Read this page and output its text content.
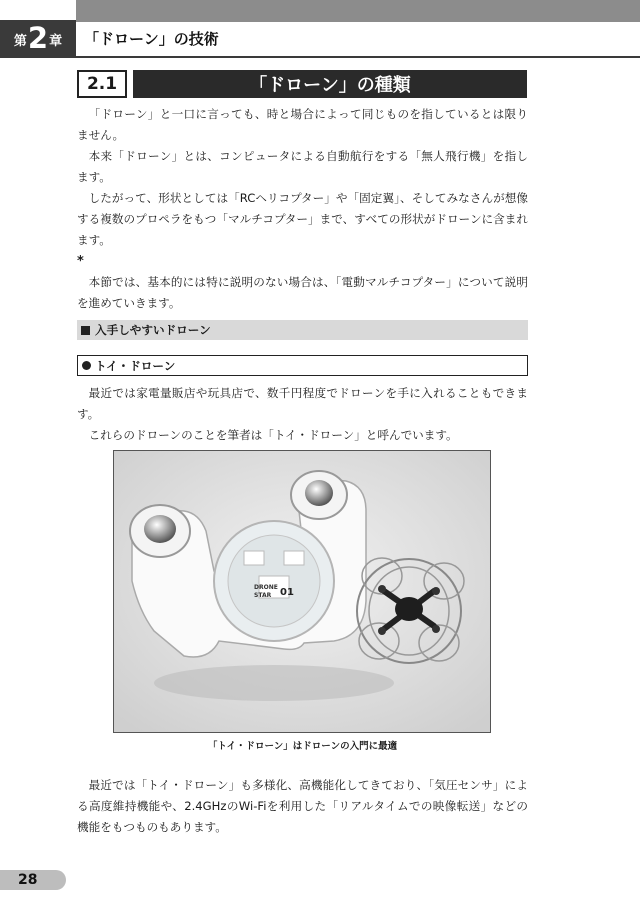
第 2 章 「ドローン」の技術
2.1	「ドローン」の種類

「ドローン」と一口に言っても、時と場合によって同じものを指しているとは限りません。

本来「ドローン」とは、コンピュータによる自動航行をする「無人飛行機」を指します。

したがって、形状としては「RCヘリコプター」や「固定翼」、そしてみなさんが想像する複数のプロペラをもつ「マルチコプター」まで、すべての形状がドローンに含まれます。

*

本節では、基本的には特に説明のない場合は、「電動マルチコプター」について説明を進めていきます。

入手しやすいドローン
トイ・ドローン

最近では家電量販店や玩具店で、数千円程度でドローンを手に入れることもできます。

これらのドローンのことを筆者は「トイ・ドローン」と呼んでいます。

DRONE
STAR 01
「トイ・ドローン」はドローンの入門に最適

最近では「トイ・ドローン」も多様化、高機能化してきており、「気圧センサ」による高度維持機能や、2.4GHzのWi-Fiを利用した「リアルタイムでの映像転送」などの機能をもつものもあります。

28
